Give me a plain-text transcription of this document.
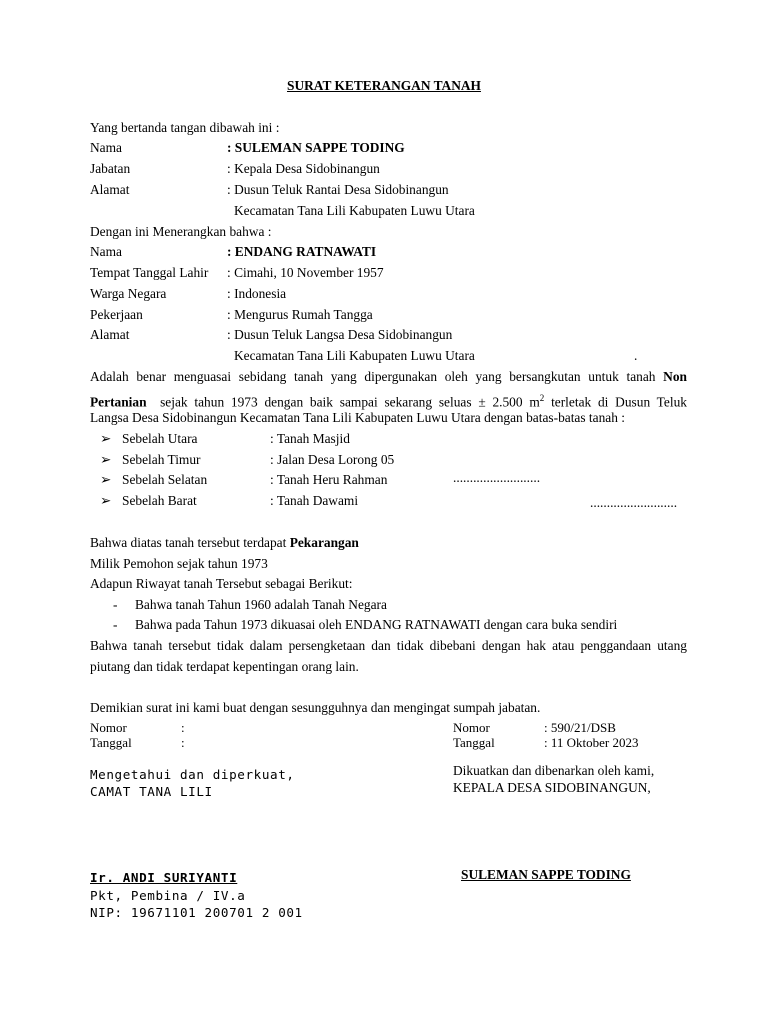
SURAT KETERANGAN TANAH
Yang bertanda tangan dibawah ini :
Nama	: SULEMAN SAPPE TODING
Jabatan	: Kepala Desa Sidobinangun
Alamat	: Dusun Teluk Rantai Desa Sidobinangun
Kecamatan Tana Lili Kabupaten Luwu Utara
Dengan ini Menerangkan bahwa :
Nama	: ENDANG RATNAWATI
Tempat Tanggal Lahir : Cimahi, 10 November 1957
Warga Negara	: Indonesia
Pekerjaan	: Mengurus Rumah Tangga
Alamat	: Dusun Teluk Langsa Desa Sidobinangun
Kecamatan Tana Lili Kabupaten Luwu Utara	.
Adalah benar menguasai sebidang tanah yang dipergunakan oleh yang bersangkutan untuk tanah Non
Pertanian sejak tahun 1973 dengan baik sampai sekarang seluas ± 2.500 $m^2$ terletak di Dusun Teluk
Langsa Desa Sidobinangun Kecamatan Tana Lili Kabupaten Luwu Utara dengan batas-batas tanah :
➢ Sebelah Utara	: Tanah Masjid
➢ Sebelah Timur	: Jalan Desa Lorong 05
➢ Sebelah Selatan	: Tanah Heru Rahman	..........................
➢ Sebelah Barat	: Tanah Dawami	..........................
Bahwa diatas tanah tersebut terdapat Pekarangan
Milik Pemohon sejak tahun 1973
Adapun Riwayat tanah Tersebut sebagai Berikut:
- Bahwa tanah Tahun 1960 adalah Tanah Negara
- Bahwa pada Tahun 1973 dikuasai oleh ENDANG RATNAWATI dengan cara buka sendiri
Bahwa tanah tersebut tidak dalam persengketaan dan tidak dibebani dengan hak atau penggandaan utang
piutang dan tidak terdapat kepentingan orang lain.
Demikian surat ini kami buat dengan sesungguhnya dan mengingat sumpah jabatan.
Nomor	:
Tanggal	:
Nomor	: 590/21/DSB
Tanggal	: 11 Oktober 2023
Mengetahui dan diperkuat,
CAMAT TANA LILI
Ir. ANDI SURIYANTI
Pkt, Pembina / IV.a
NIP: 19671101 200701 2 001
Dikuatkan dan dibenarkan oleh kami,
KEPALA DESA SIDOBINANGUN,
SULEMAN SAPPE TODING
